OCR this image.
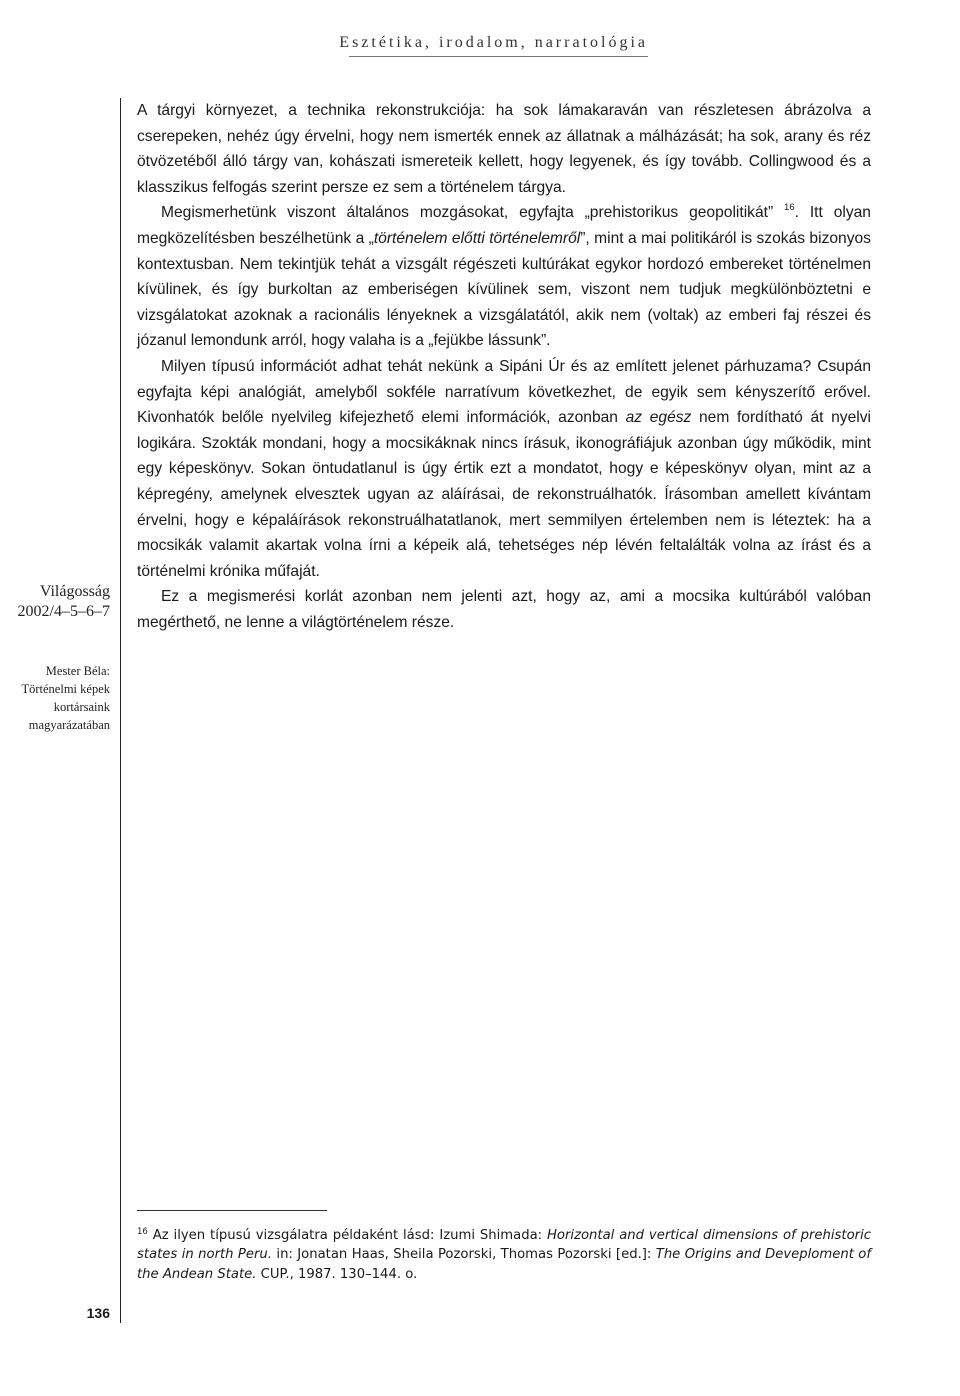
Esztétika, irodalom, narratológia
Világosság
2002/4–5–6–7
Mester Béla:
Történelmi képek
kortársaink
magyarázatában
136

A tárgyi környezet, a technika rekonstrukciója: ha sok lámakaraván van részletesen ábrázolva a cserepeken, nehéz úgy érvelni, hogy nem ismerték ennek az állatnak a málházását; ha sok, arany és réz ötvözetéből álló tárgy van, kohászati ismereteik kellett, hogy legyenek, és így tovább. Collingwood és a klasszikus felfogás szerint persze ez sem a történelem tárgya.

Megismerhetünk viszont általános mozgásokat, egyfajta „prehistorikus geopolitikát” $^{16}$. Itt olyan megközelítésben beszélhetünk a „történelem előtti történelemről”, mint a mai politikáról is szokás bizonyos kontextusban. Nem tekintjük tehát a vizsgált régészeti kultúrákat egykor hordozó embereket történelmen kívülinek, és így burkoltan az emberiségen kívülinek sem, viszont nem tudjuk megkülönböztetni e vizsgálatokat azoknak a racionális lényeknek a vizsgálatától, akik nem (voltak) az emberi faj részei és józanul lemondunk arról, hogy valaha is a „fejükbe lássunk”.

Milyen típusú információt adhat tehát nekünk a Sipáni Úr és az említett jelenet párhuzama? Csupán egyfajta képi analógiát, amelyből sokféle narratívum következhet, de egyik sem kényszerítő erővel. Kivonhatók belőle nyelvileg kifejezhető elemi információk, azonban az egész nem fordítható át nyelvi logikára. Szokták mondani, hogy a mocsikáknak nincs írásuk, ikonográfiájuk azonban úgy működik, mint egy képeskönyv. Sokan öntudatlanul is úgy értik ezt a mondatot, hogy e képeskönyv olyan, mint az a képregény, amelynek elvesztek ugyan az aláírásai, de rekonstruálhatók. Írásomban amellett kívántam érvelni, hogy e képaláírások rekonstruálhatatlanok, mert semmilyen értelemben nem is léteztek: ha a mocsikák valamit akartak volna írni a képeik alá, tehetséges nép lévén feltalálták volna az írást és a történelmi krónika műfaját.

Ez a megismerési korlát azonban nem jelenti azt, hogy az, ami a mocsika kultúrából valóban megérthető, ne lenne a világtörténelem része.

$^{16}$ Az ilyen típusú vizsgálatra példaként lásd: Izumi Shimada: Horizontal and vertical dimensions of prehistoric states in north Peru. in: Jonatan Haas, Sheila Pozorski, Thomas Pozorski [ed.]: The Origins and Deveploment of the Andean State. CUP., 1987. 130–144. o.
